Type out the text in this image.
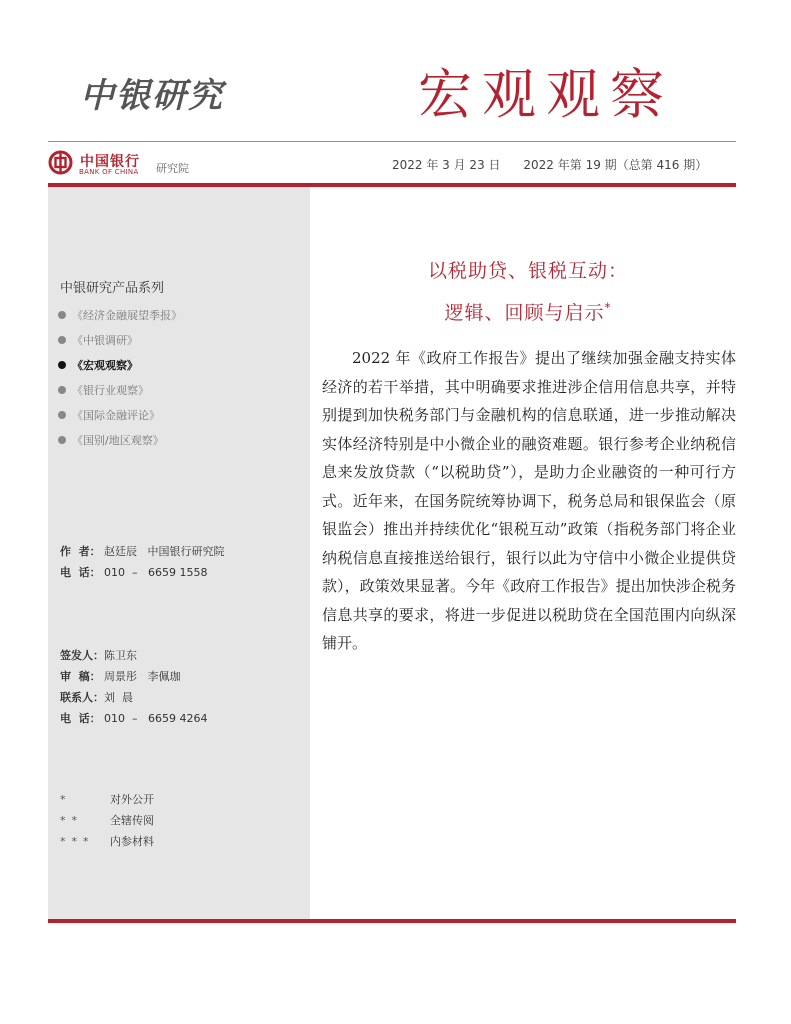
中银研究	宏观观察
中国银行
BANK OF CHINA 研究院	2022 年 3 月 23 日      2022 年第 19 期（总第 416 期）
中银研究产品系列
《经济金融展望季报》
《中银调研》
《宏观观察》
《银行业观察》
《国际金融评论》
《国别/地区观察》
作  者： 赵廷辰   中国银行研究院
电  话： 010  –   6659 1558
签发人： 陈卫东
审  稿： 周景彤   李佩珈
联系人： 刘  晨
电  话： 010  –   6659 4264
*	对外公开
**	全辖传阅
***	内参材料
以税助贷、银税互动：
逻辑、回顾与启示*
2022 年《政府工作报告》提出了继续加强金融支持实体经济的若干举措，其中明确要求推进涉企信用信息共享，并特别提到加快税务部门与金融机构的信息联通，进一步推动解决实体经济特别是中小微企业的融资难题。银行参考企业纳税信息来发放贷款（“以税助贷”），是助力企业融资的一种可行方式。近年来，在国务院统筹协调下，税务总局和银保监会（原银监会）推出并持续优化“银税互动”政策（指税务部门将企业纳税信息直接推送给银行，银行以此为守信中小微企业提供贷款），政策效果显著。今年《政府工作报告》提出加快涉企税务信息共享的要求，将进一步促进以税助贷在全国范围内向纵深铺开。
